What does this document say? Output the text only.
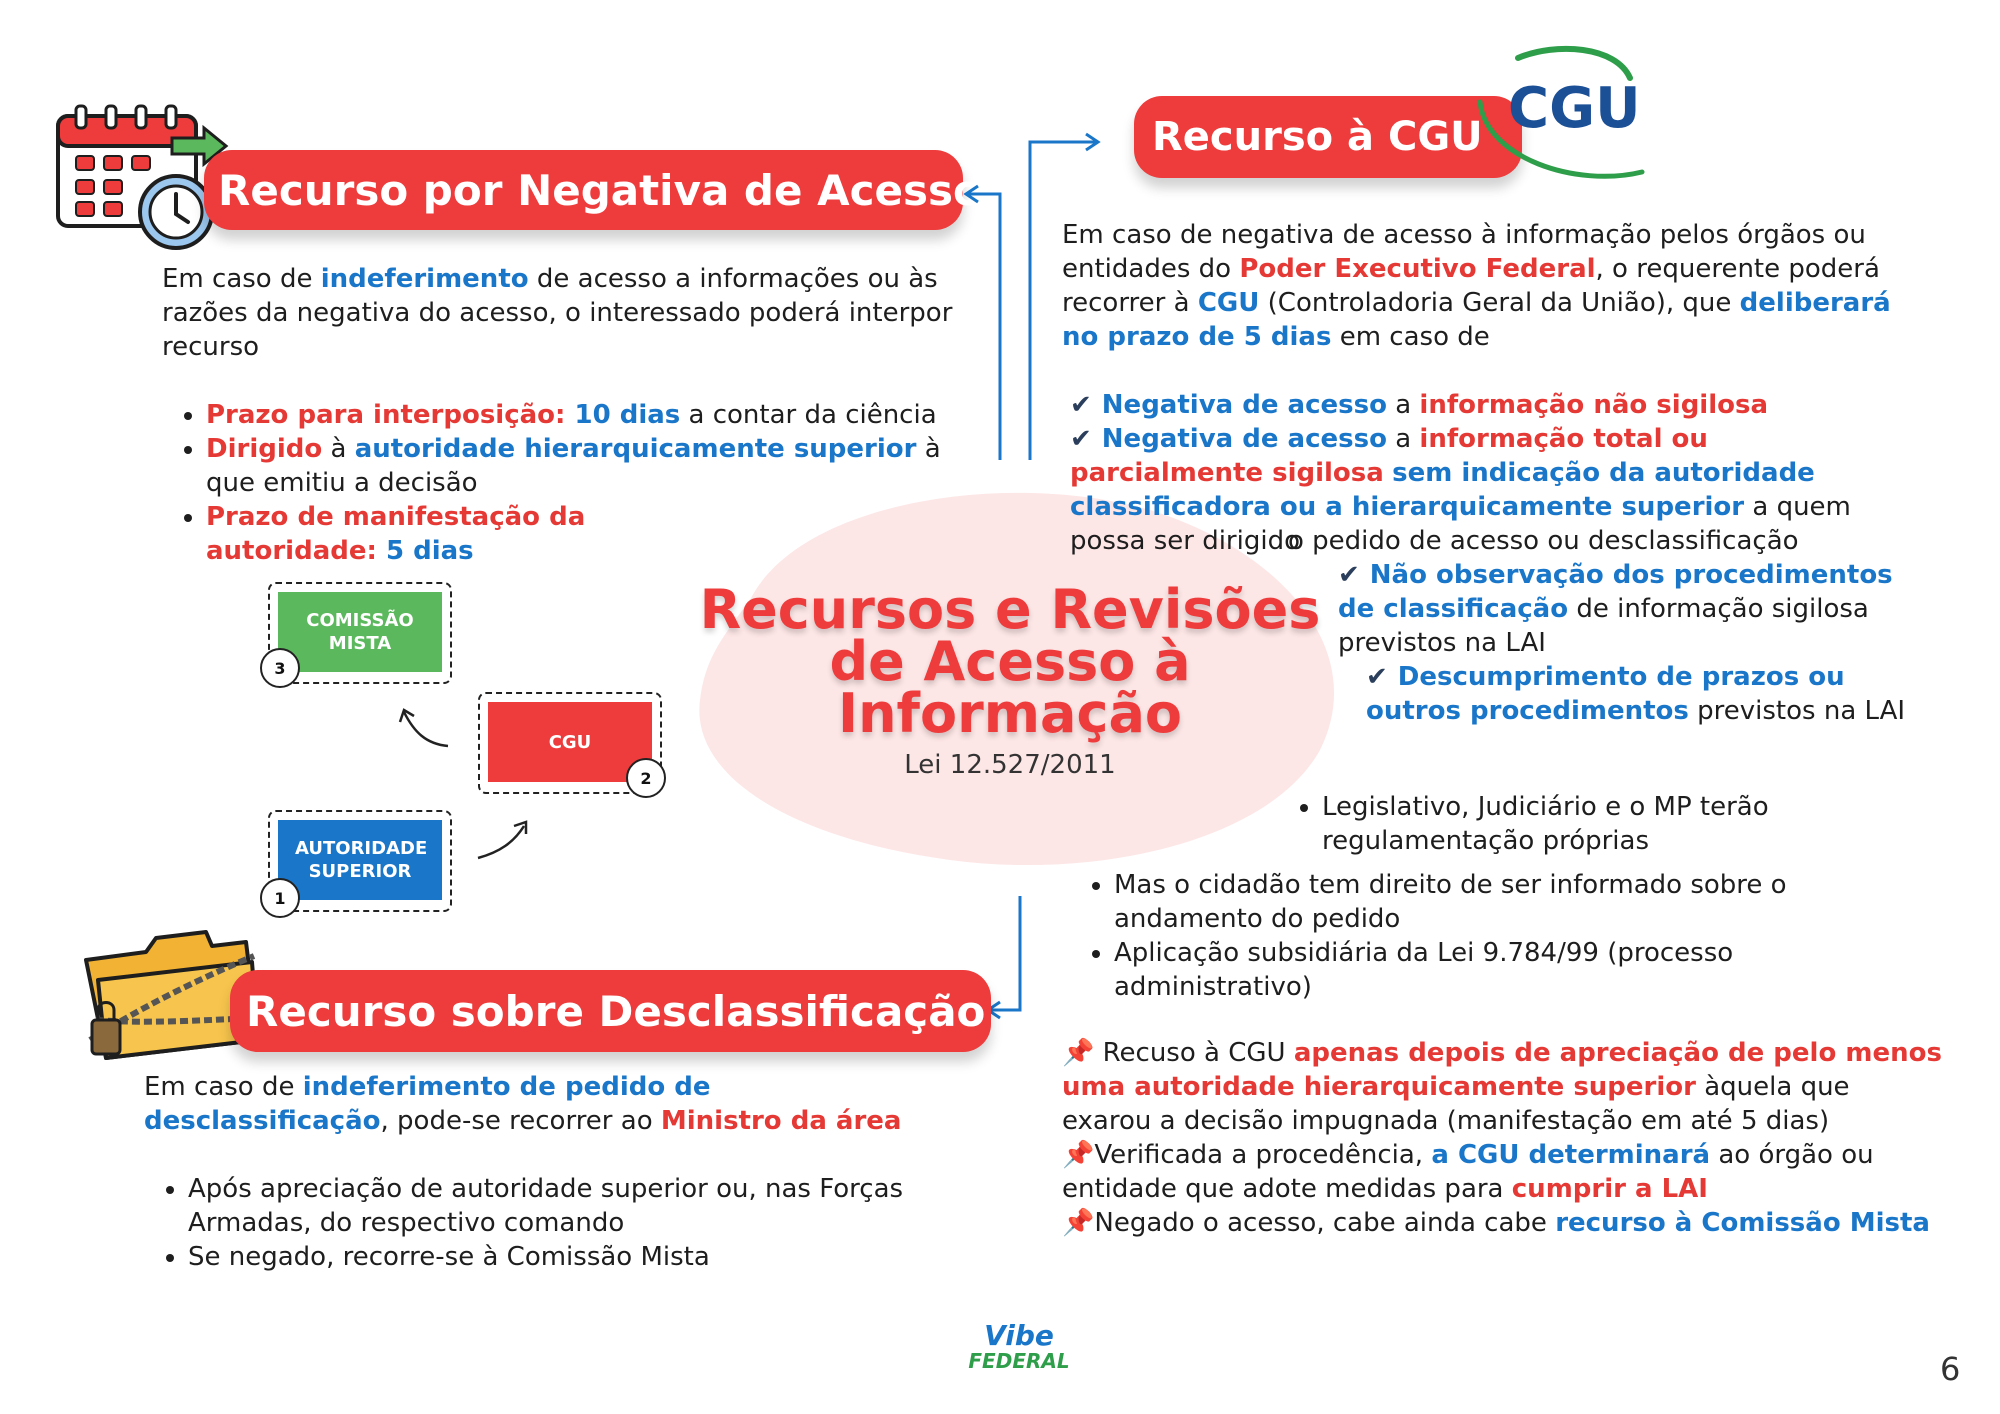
Recurso por Negativa de Acesso
Em caso de indeferimento de acesso a informações ou às razões da negativa do acesso, o interessado poderá interpor recurso
• Prazo para interposição: 10 dias a contar da ciência
• Dirigido à autoridade hierarquicamente superior à que emitiu a decisão
• Prazo de manifestação da autoridade: 5 dias
COMISSÃO MISTA
3
CGU
2
AUTORIDADE SUPERIOR
1
Recursos e Revisões
de Acesso à
Informação
Lei 12.527/2011
Recurso à CGU CGU
Em caso de negativa de acesso à informação pelos órgãos ou entidades do Poder Executivo Federal, o requerente poderá recorrer à CGU (Controladoria Geral da União), que deliberará no prazo de 5 dias em caso de
✔ Negativa de acesso a informação não sigilosa
✔ Negativa de acesso a informação total ou parcialmente sigilosa sem indicação da autoridade classificadora ou a hierarquicamente superior a quem possa ser dirigido
o pedido de acesso ou desclassificação
✔ Não observação dos procedimentos de classificação de informação sigilosa previstos na LAI
✔ Descumprimento de prazos ou outros procedimentos previstos na LAI
• Legislativo, Judiciário e o MP terão regulamentação próprias
• Mas o cidadão tem direito de ser informado sobre o andamento do pedido
• Aplicação subsidiária da Lei 9.784/99 (processo administrativo)
📌 Recuso à CGU apenas depois de apreciação de pelo menos uma autoridade hierarquicamente superior àquela que exarou a decisão impugnada (manifestação em até 5 dias)
📌Verificada a procedência, a CGU determinará ao órgão ou entidade que adote medidas para cumprir a LAI
📌Negado o acesso, cabe ainda cabe recurso à Comissão Mista
Recurso sobre Desclassificação
Em caso de indeferimento de pedido de desclassificação, pode-se recorrer ao Ministro da área
• Após apreciação de autoridade superior ou, nas Forças Armadas, do respectivo comando
• Se negado, recorre-se à Comissão Mista
Vibe
FEDERAL	6
